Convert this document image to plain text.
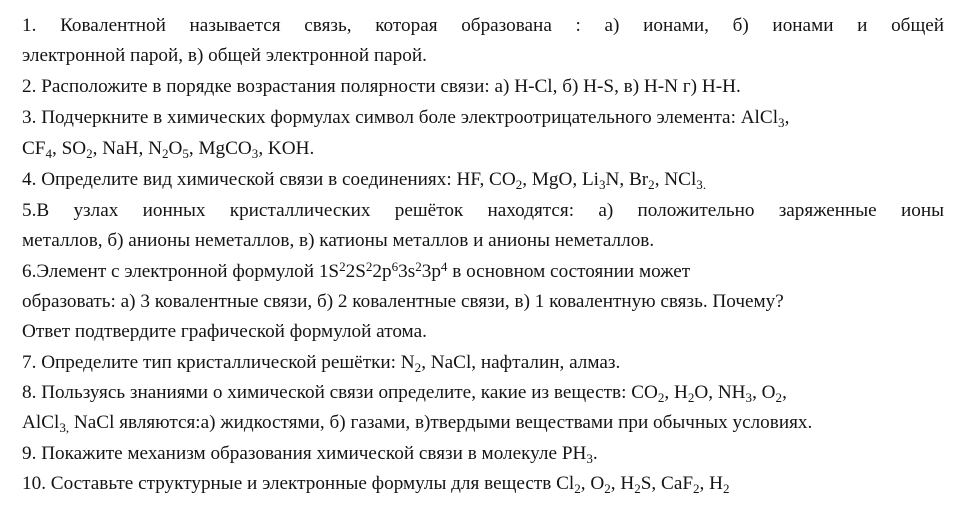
1. Ковалентной называется связь, которая образована : а) ионами, б) ионами и общей
электронной парой, в) общей электронной парой.
2. Расположите в порядке возрастания полярности связи: а) H-Cl, б) H-S, в) H-N г) H-H.
3. Подчеркните в химических формулах символ боле электроотрицательного элемента: AlCl$_3$,
$CF_4$, $SO_2$, NaH, $N_2O_5$, MgCO$_3$, KOH.
4. Определите вид химической связи в соединениях: HF, $CO_2$, MgO, $Li_3N$, $Br_2$, NCl$_{3.}$
5.В узлах ионных кристаллических решёток находятся: а) положительно заряженные ионы
металлов, б) анионы неметаллов, в) катионы металлов и анионы неметаллов.
6.Элемент с электронной формулой $1S^22S^22p^63s^23p^4$ в основном состоянии может
образовать: а) 3 ковалентные связи, б) 2 ковалентные связи, в) 1 ковалентную связь. Почему?
Ответ подтвердите графической формулой атома.
7. Определите тип кристаллической решётки: $N_2$, NaCl, нафталин, алмаз.
8. Пользуясь знаниями о химической связи определите, какие из веществ: $CO_2$, $H_2O$, $NH_3$, $O_2$,
AlCl$_{3,}$ NaCl являются:а) жидкостями, б) газами, в)твердыми веществами при обычных условиях.
9. Покажите механизм образования химической связи в молекуле $PH_3$.
10. Составьте структурные и электронные формулы для веществ $Cl_2$, $O_2$, $H_2S$, CaF$_2$, $H_2$
